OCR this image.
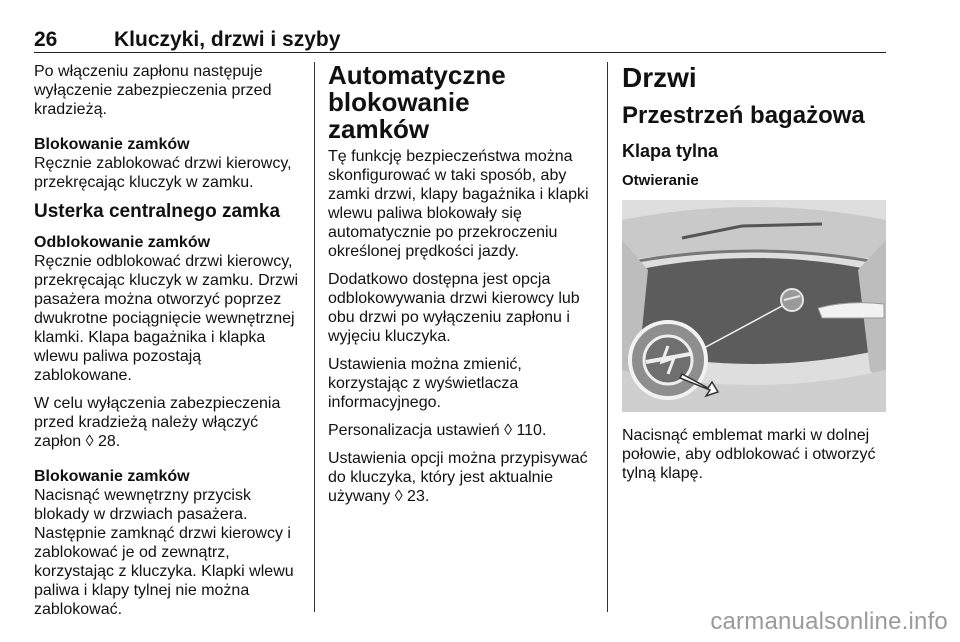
26	Kluczyki, drzwi i szyby

Po włączeniu zapłonu następuje
wyłączenie zabezpieczenia przed
kradzieżą.

Blokowanie zamków

Ręcznie zablokować drzwi kierowcy,
przekręcając kluczyk w zamku.

Usterka centralnego zamka

Odblokowanie zamków

Ręcznie odblokować drzwi kierowcy,
przekręcając kluczyk w zamku. Drzwi
pasażera można otworzyć poprzez
dwukrotne pociągnięcie wewnętrznej
klamki. Klapa bagażnika i klapka
wlewu paliwa pozostają
zablokowane.

W celu wyłączenia zabezpieczenia
przed kradzieżą należy włączyć
zapłon ◊ 28.

Blokowanie zamków

Nacisnąć wewnętrzny przycisk
blokady w drzwiach pasażera.
Następnie zamknąć drzwi kierowcy i
zablokować je od zewnątrz,
korzystając z kluczyka. Klapki wlewu
paliwa i klapy tylnej nie można
zablokować.

Automatyczne blokowanie
zamków

Tę funkcję bezpieczeństwa można
skonfigurować w taki sposób, aby
zamki drzwi, klapy bagażnika i klapki
wlewu paliwa blokowały się
automatycznie po przekroczeniu
określonej prędkości jazdy.

Dodatkowo dostępna jest opcja
odblokowywania drzwi kierowcy lub
obu drzwi po wyłączeniu zapłonu i
wyjęciu kluczyka.

Ustawienia można zmienić,
korzystając z wyświetlacza
informacyjnego.

Personalizacja ustawień ◊ 110.

Ustawienia opcji można przypisywać
do kluczyka, który jest aktualnie
używany ◊ 23.

Drzwi
Przestrzeń bagażowa
Klapa tylna
Otwieranie

Nacisnąć emblemat marki w dolnej
połowie, aby odblokować i otworzyć
tylną klapę.

carmanualsonline.info
